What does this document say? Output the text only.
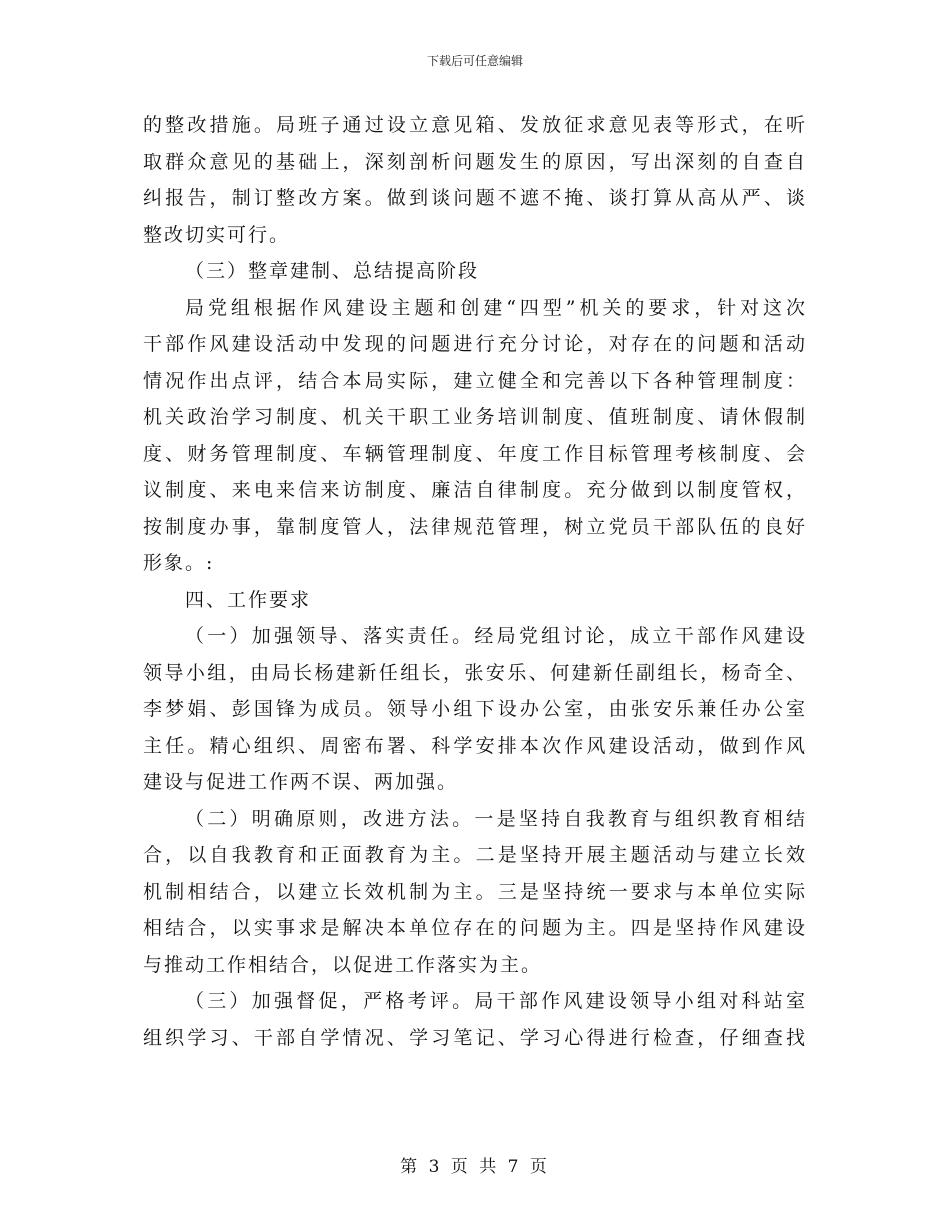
下载后可任意编辑

的整改措施。局班子通过设立意见箱、发放征求意见表等形式，在听
取群众意见的基础上，深刻剖析问题发生的原因，写出深刻的自查自
纠报告，制订整改方案。做到谈问题不遮不掩、谈打算从高从严、谈
整改切实可行。

（三）整章建制、总结提高阶段

局党组根据作风建设主题和创建“四型”机关的要求，针对这次
干部作风建设活动中发现的问题进行充分讨论，对存在的问题和活动
情况作出点评，结合本局实际，建立健全和完善以下各种管理制度：
机关政治学习制度、机关干职工业务培训制度、值班制度、请休假制
度、财务管理制度、车辆管理制度、年度工作目标管理考核制度、会
议制度、来电来信来访制度、廉洁自律制度。充分做到以制度管权，
按制度办事，靠制度管人，法律规范管理，树立党员干部队伍的良好
形象。:

四、工作要求

（一）加强领导、落实责任。经局党组讨论，成立干部作风建设
领导小组，由局长杨建新任组长，张安乐、何建新任副组长，杨奇全、
李梦娟、彭国锋为成员。领导小组下设办公室，由张安乐兼任办公室
主任。精心组织、周密布署、科学安排本次作风建设活动，做到作风
建设与促进工作两不误、两加强。

（二）明确原则，改进方法。一是坚持自我教育与组织教育相结
合，以自我教育和正面教育为主。二是坚持开展主题活动与建立长效
机制相结合，以建立长效机制为主。三是坚持统一要求与本单位实际
相结合，以实事求是解决本单位存在的问题为主。四是坚持作风建设
与推动工作相结合，以促进工作落实为主。

（三）加强督促，严格考评。局干部作风建设领导小组对科站室
组织学习、干部自学情况、学习笔记、学习心得进行检查，仔细查找

第 3 页 共 7 页
